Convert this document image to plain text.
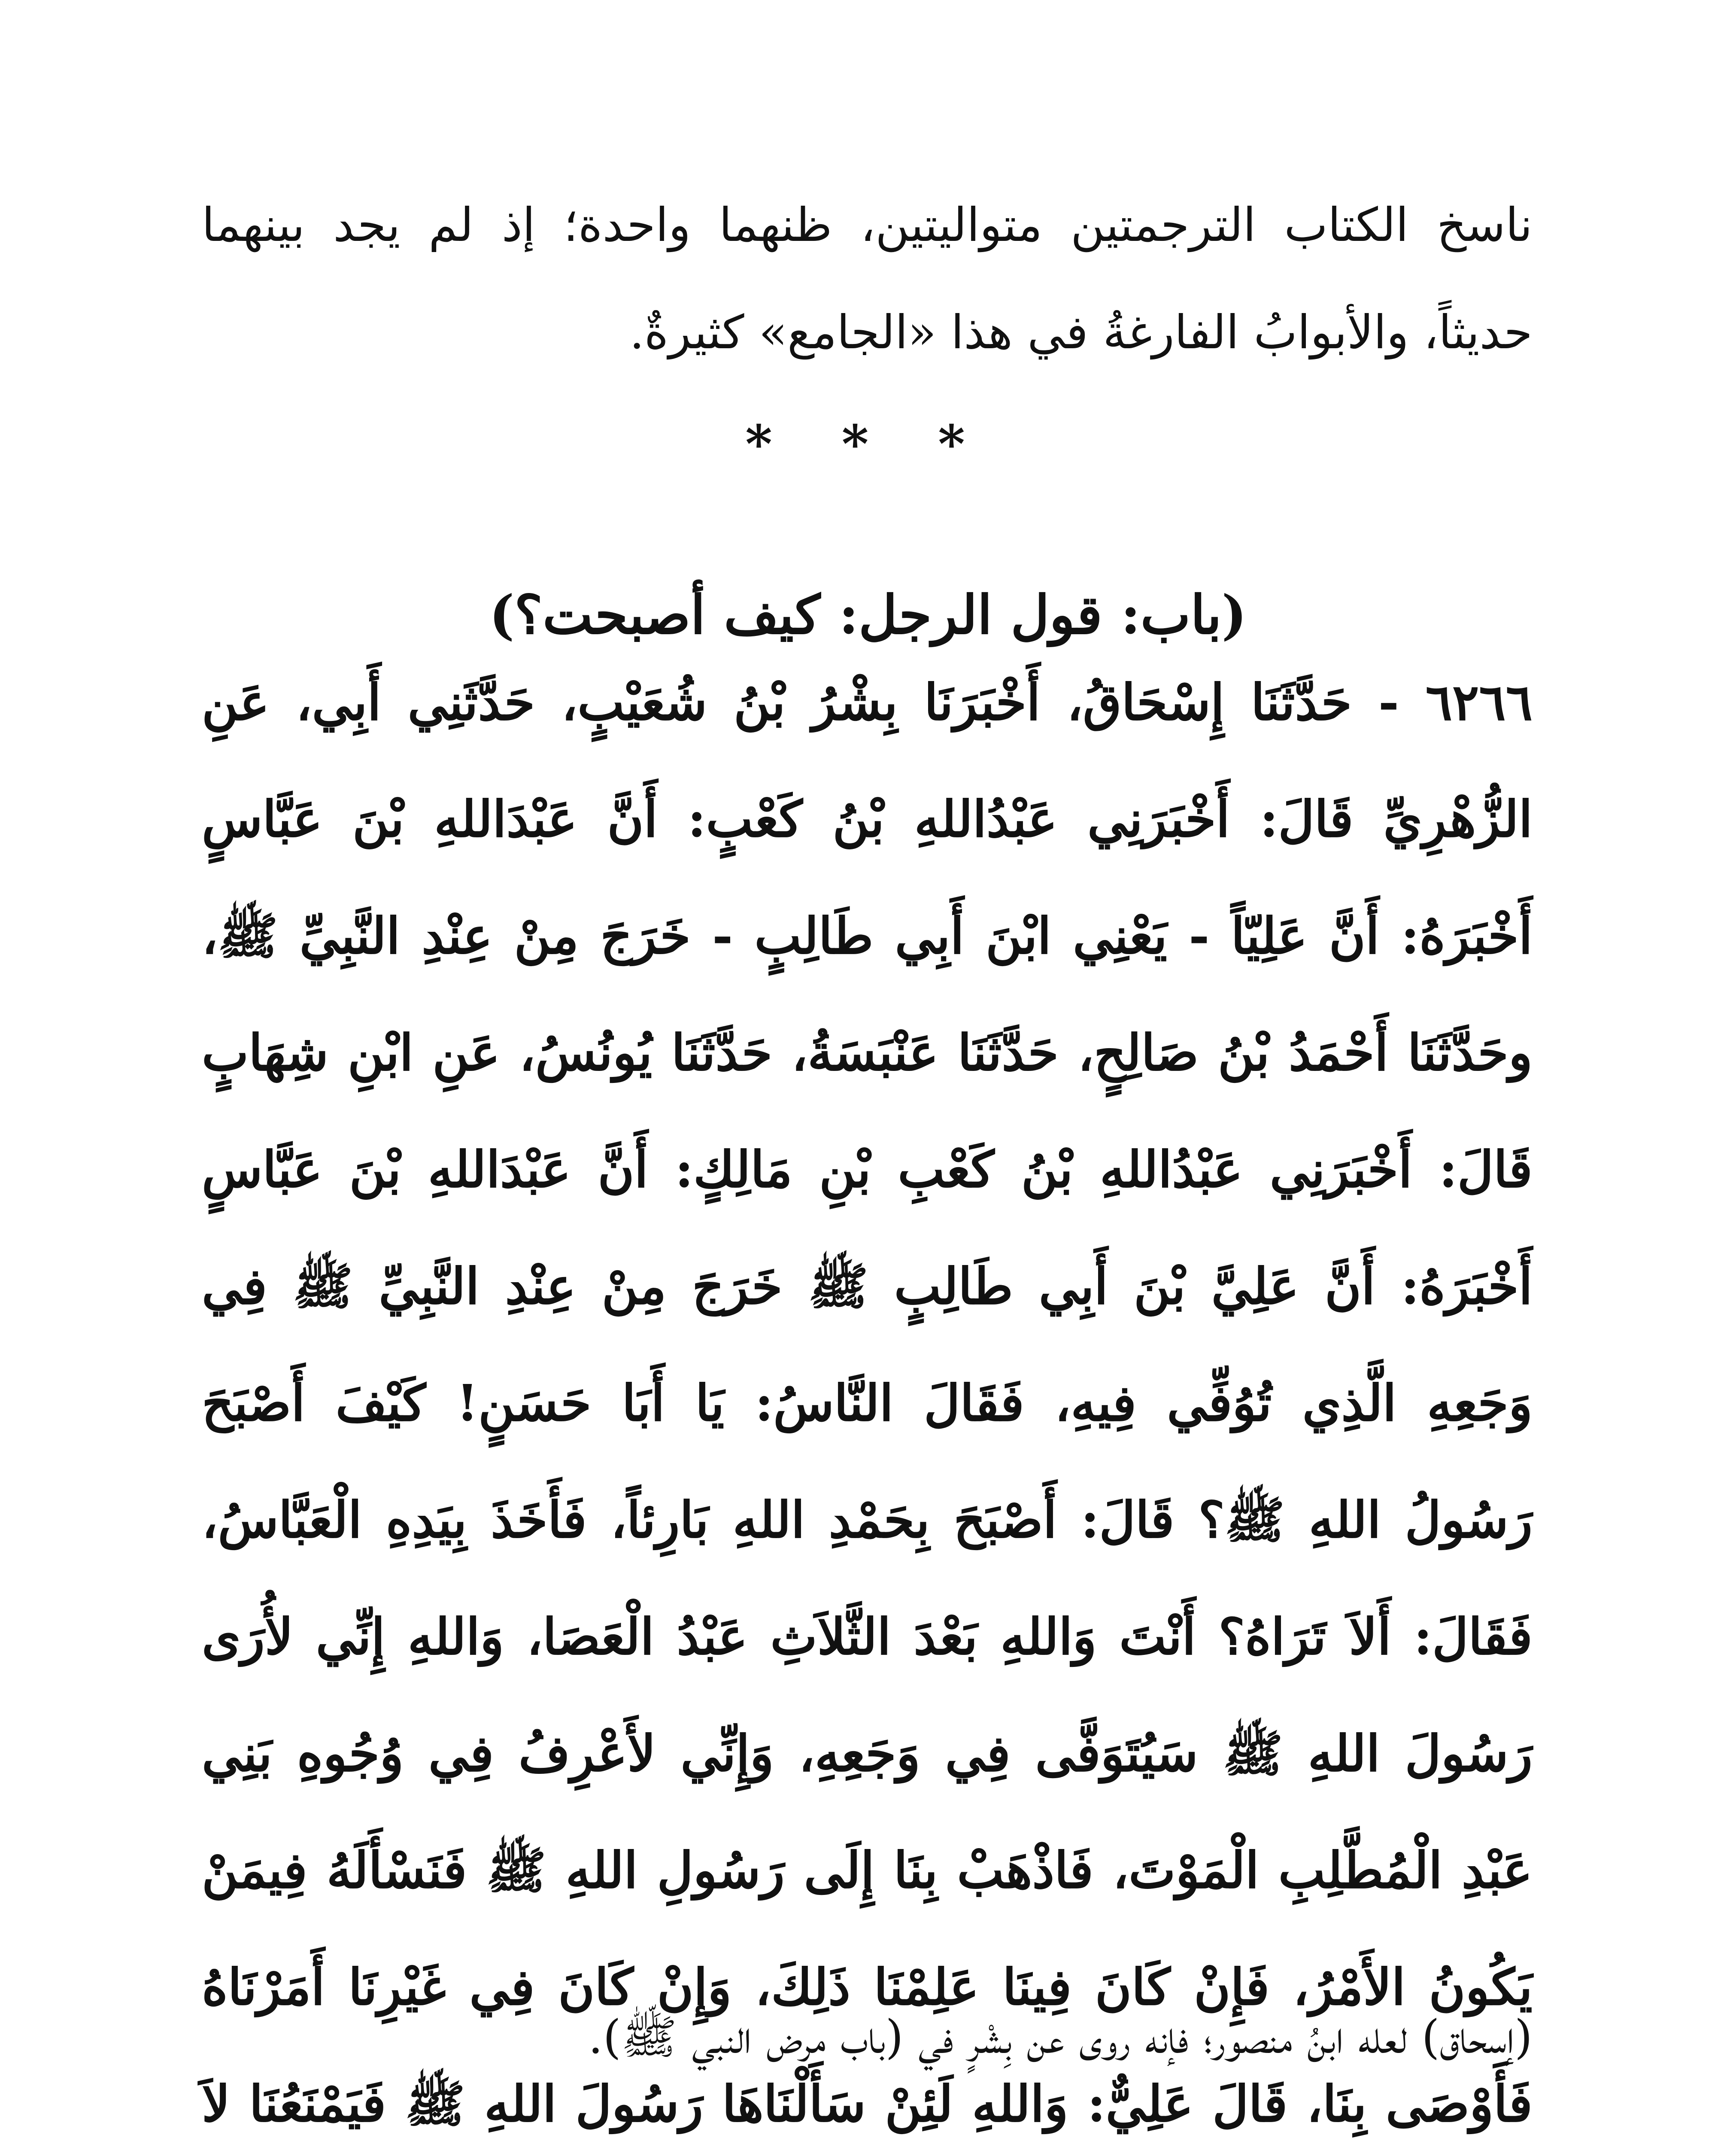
ناسخ الكتاب الترجمتين متواليتين، ظنهما واحدة؛ إذ لم يجد بينهما حديثاً، والأبوابُ الفارغةُ في هذا «الجامع» كثيرةٌ.

* * *
(باب: قول الرجل: كيف أصبحت؟)

٦٢٦٦ - حَدَّثَنَا إِسْحَاقُ، أَخْبَرَنَا بِشْرُ بْنُ شُعَيْبٍ، حَدَّثَنِي أَبِي، عَنِ الزُّهْرِيِّ قَالَ: أَخْبَرَنِي عَبْدُاللهِ بْنُ كَعْبٍ: أَنَّ عَبْدَاللهِ بْنَ عَبَّاسٍ أَخْبَرَهُ: أَنَّ عَلِيّاً - يَعْنِي ابْنَ أَبِي طَالِبٍ - خَرَجَ مِنْ عِنْدِ النَّبِيِّ ﷺ، وحَدَّثَنَا أَحْمَدُ بْنُ صَالِحٍ، حَدَّثَنَا عَنْبَسَةُ، حَدَّثَنَا يُونُسُ، عَنِ ابْنِ شِهَابٍ قَالَ: أَخْبَرَنِي عَبْدُاللهِ بْنُ كَعْبِ بْنِ مَالِكٍ: أَنَّ عَبْدَاللهِ بْنَ عَبَّاسٍ أَخْبَرَهُ: أَنَّ عَلِيَّ بْنَ أَبِي طَالِبٍ ﷺ خَرَجَ مِنْ عِنْدِ النَّبِيِّ ﷺ فِي وَجَعِهِ الَّذِي تُوُفِّي فِيهِ، فَقَالَ النَّاسُ: يَا أَبَا حَسَنٍ! كَيْفَ أَصْبَحَ رَسُولُ اللهِ ﷺ؟ قَالَ: أَصْبَحَ بِحَمْدِ اللهِ بَارِئاً، فَأَخَذَ بِيَدِهِ الْعَبَّاسُ، فَقَالَ: أَلاَ تَرَاهُ؟ أَنْتَ وَاللهِ بَعْدَ الثَّلاَثِ عَبْدُ الْعَصَا، وَاللهِ إِنِّي لأُرَى رَسُولَ اللهِ ﷺ سَيُتَوَفَّى فِي وَجَعِهِ، وَإِنِّي لأَعْرِفُ فِي وُجُوهِ بَنِي عَبْدِ الْمُطَّلِبِ الْمَوْتَ، فَاذْهَبْ بِنَا إِلَى رَسُولِ اللهِ ﷺ فَنَسْأَلَهُ فِيمَنْ يَكُونُ الأَمْرُ، فَإِنْ كَانَ فِينَا عَلِمْنَا ذَلِكَ، وَإِنْ كَانَ فِي غَيْرِنَا أَمَرْنَاهُ فَأَوْصَى بِنَا، قَالَ عَلِيٌّ: وَاللهِ لَئِنْ سَأَلْنَاهَا رَسُولَ اللهِ ﷺ فَيَمْنَعُنَا لاَ

(إسحاق) لعله ابنُ منصور؛ فإنه روى عن بِشْرٍ في (باب مرض النبي ﷺ).
